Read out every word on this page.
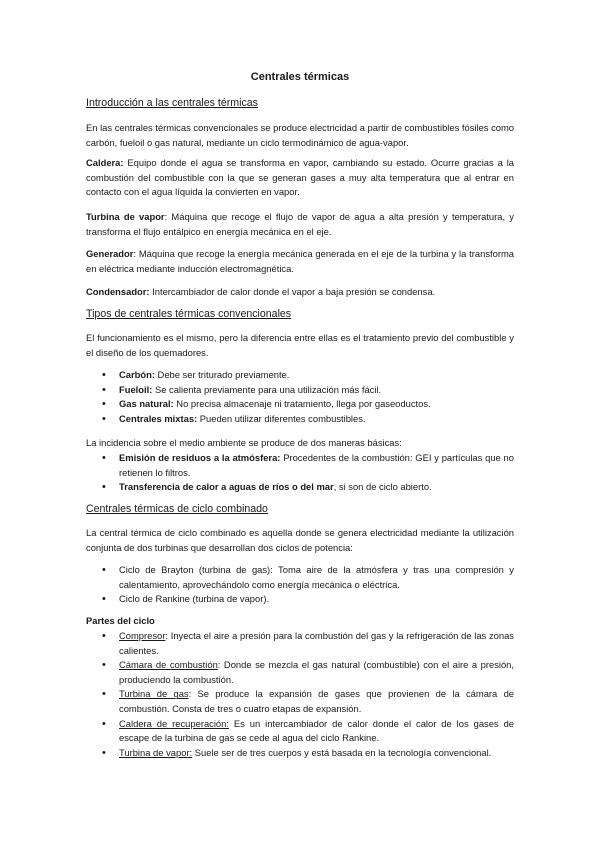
Centrales térmicas
Introducción a las centrales térmicas

En las centrales térmicas convencionales se produce electricidad a partir de combustibles fósiles como carbón, fueloil o gas natural, mediante un ciclo termodinámico de agua-vapor.

Caldera: Equipo donde el agua se transforma en vapor, cambiando su estado. Ocurre gracias a la combustión del combustible con la que se generan gases a muy alta temperatura que al entrar en contacto con el agua líquida la convierten en vapor.

Turbina de vapor: Máquina que recoge el flujo de vapor de agua a alta presión y temperatura, y transforma el flujo entálpico en energía mecánica en el eje.

Generador: Máquina que recoge la energía mecánica generada en el eje de la turbina y la transforma en eléctrica mediante inducción electromagnética.

Condensador: Intercambiador de calor donde el vapor a baja presión se condensa.

Tipos de centrales térmicas convencionales

El funcionamiento es el mismo, pero la diferencia entre ellas es el tratamiento previo del combustible y el diseño de los quemadores.

• Carbón: Debe ser triturado previamente.
• Fueloil: Se calienta previamente para una utilización más fácil.
• Gas natural: No precisa almacenaje ni tratamiento, llega por gaseoductos.
• Centrales mixtas: Pueden utilizar diferentes combustibles.

La incidencia sobre el medio ambiente se produce de dos maneras básicas:

• Emisión de residuos a la atmósfera: Procedentes de la combustión: GEI y partículas que no retienen lo filtros.
• Transferencia de calor a aguas de ríos o del mar, si son de ciclo abierto.
Centrales térmicas de ciclo combinado

La central térmica de ciclo combinado es aquella donde se genera electricidad mediante la utilización conjunta de dos turbinas que desarrollan dos ciclos de potencia:

• Ciclo de Brayton (turbina de gas): Toma aire de la atmósfera y tras una compresión y calentamiento, aprovechándolo como energía mecánica o eléctrica.
• Ciclo de Rankine (turbina de vapor).
Partes del ciclo
• Compresor: Inyecta el aire a presión para la combustión del gas y la refrigeración de las zonas calientes.
• Cámara de combustión: Donde se mezcla el gas natural (combustible) con el aire a presión, produciendo la combustión.
• Turbina de gas: Se produce la expansión de gases que provienen de la cámara de combustión. Consta de tres o cuatro etapas de expansión.
• Caldera de recuperación: Es un intercambiador de calor donde el calor de los gases de escape de la turbina de gas se cede al agua del ciclo Rankine.
• Turbina de vapor: Suele ser de tres cuerpos y está basada en la tecnología convencional.
